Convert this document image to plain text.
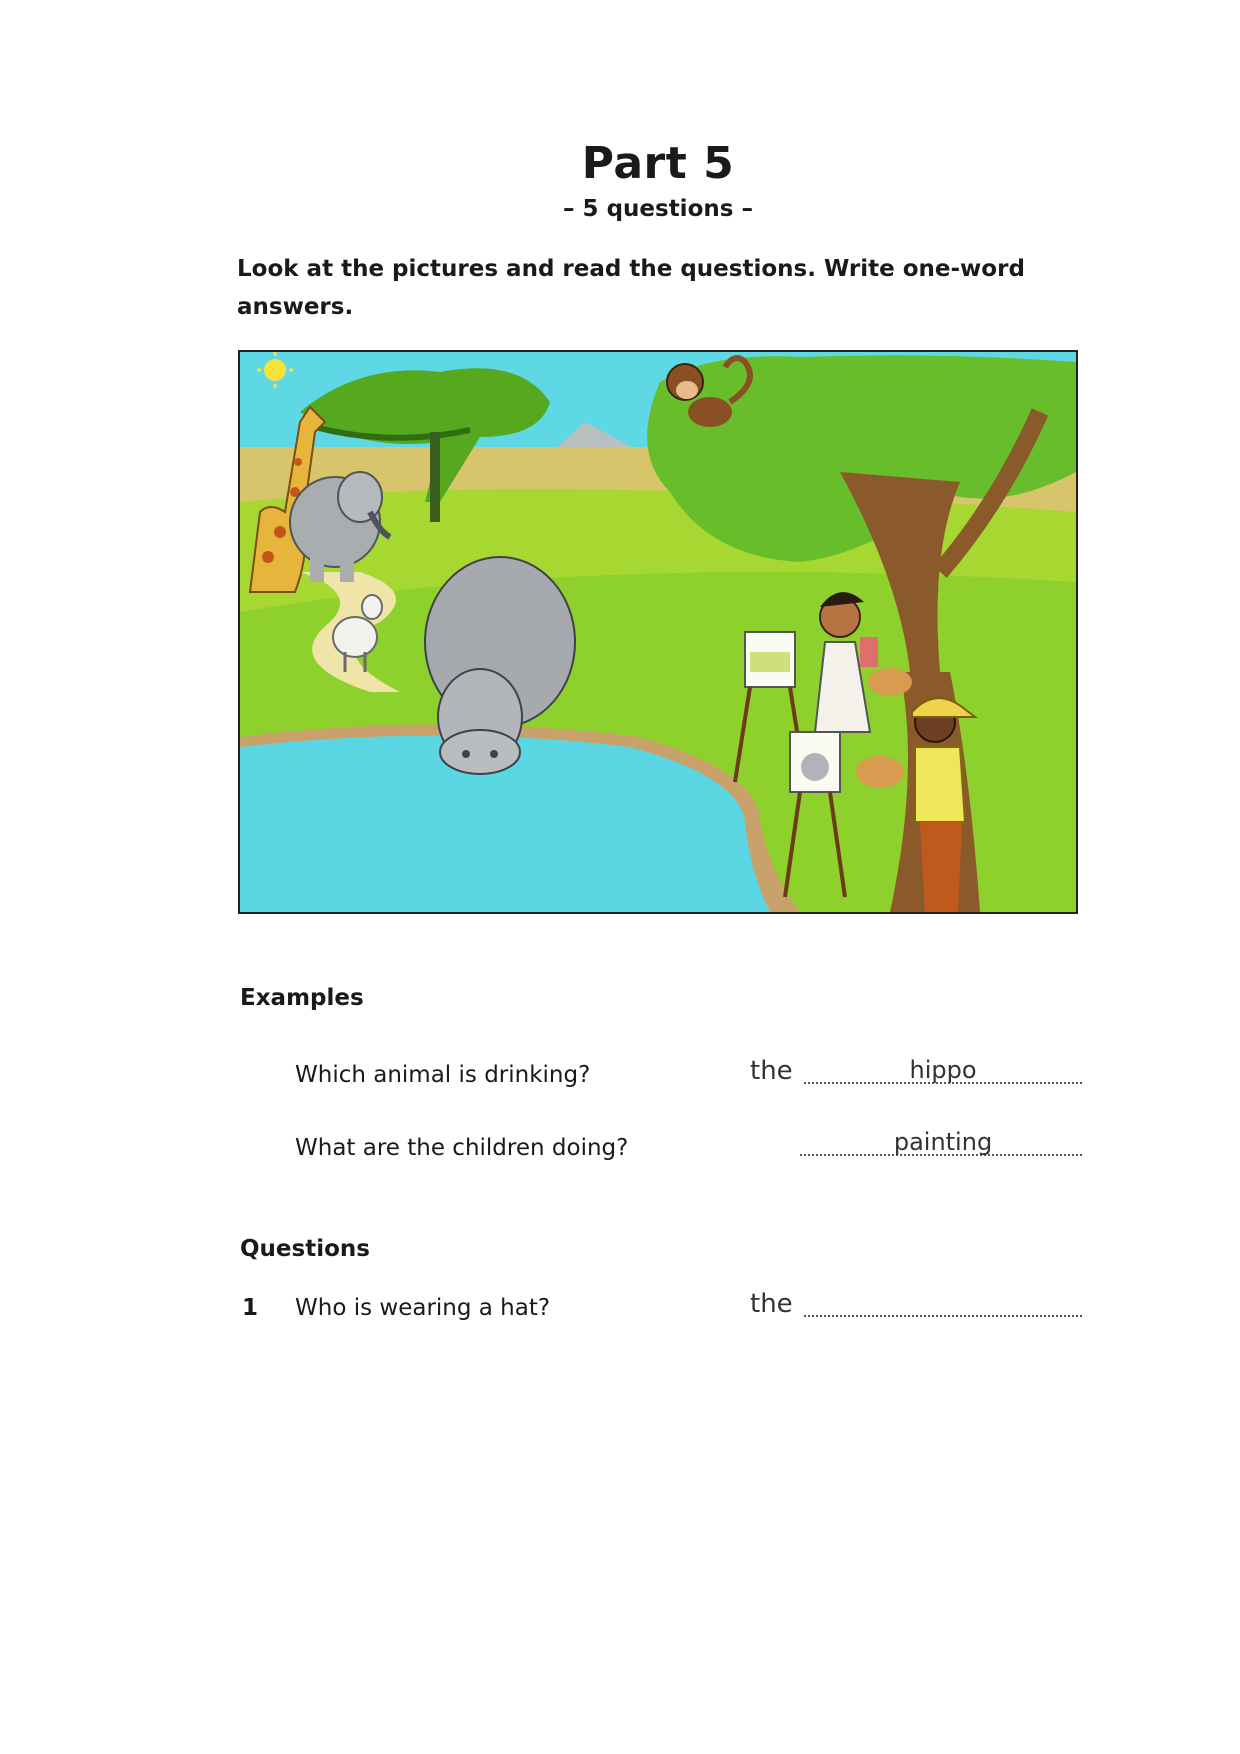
Part 5
– 5 questions –
Look at the pictures and read the questions. Write one-word answers.
Examples
Which animal is drinking?	the	hippo
What are the children doing?	painting
Questions
1 Who is wearing a hat?	the
